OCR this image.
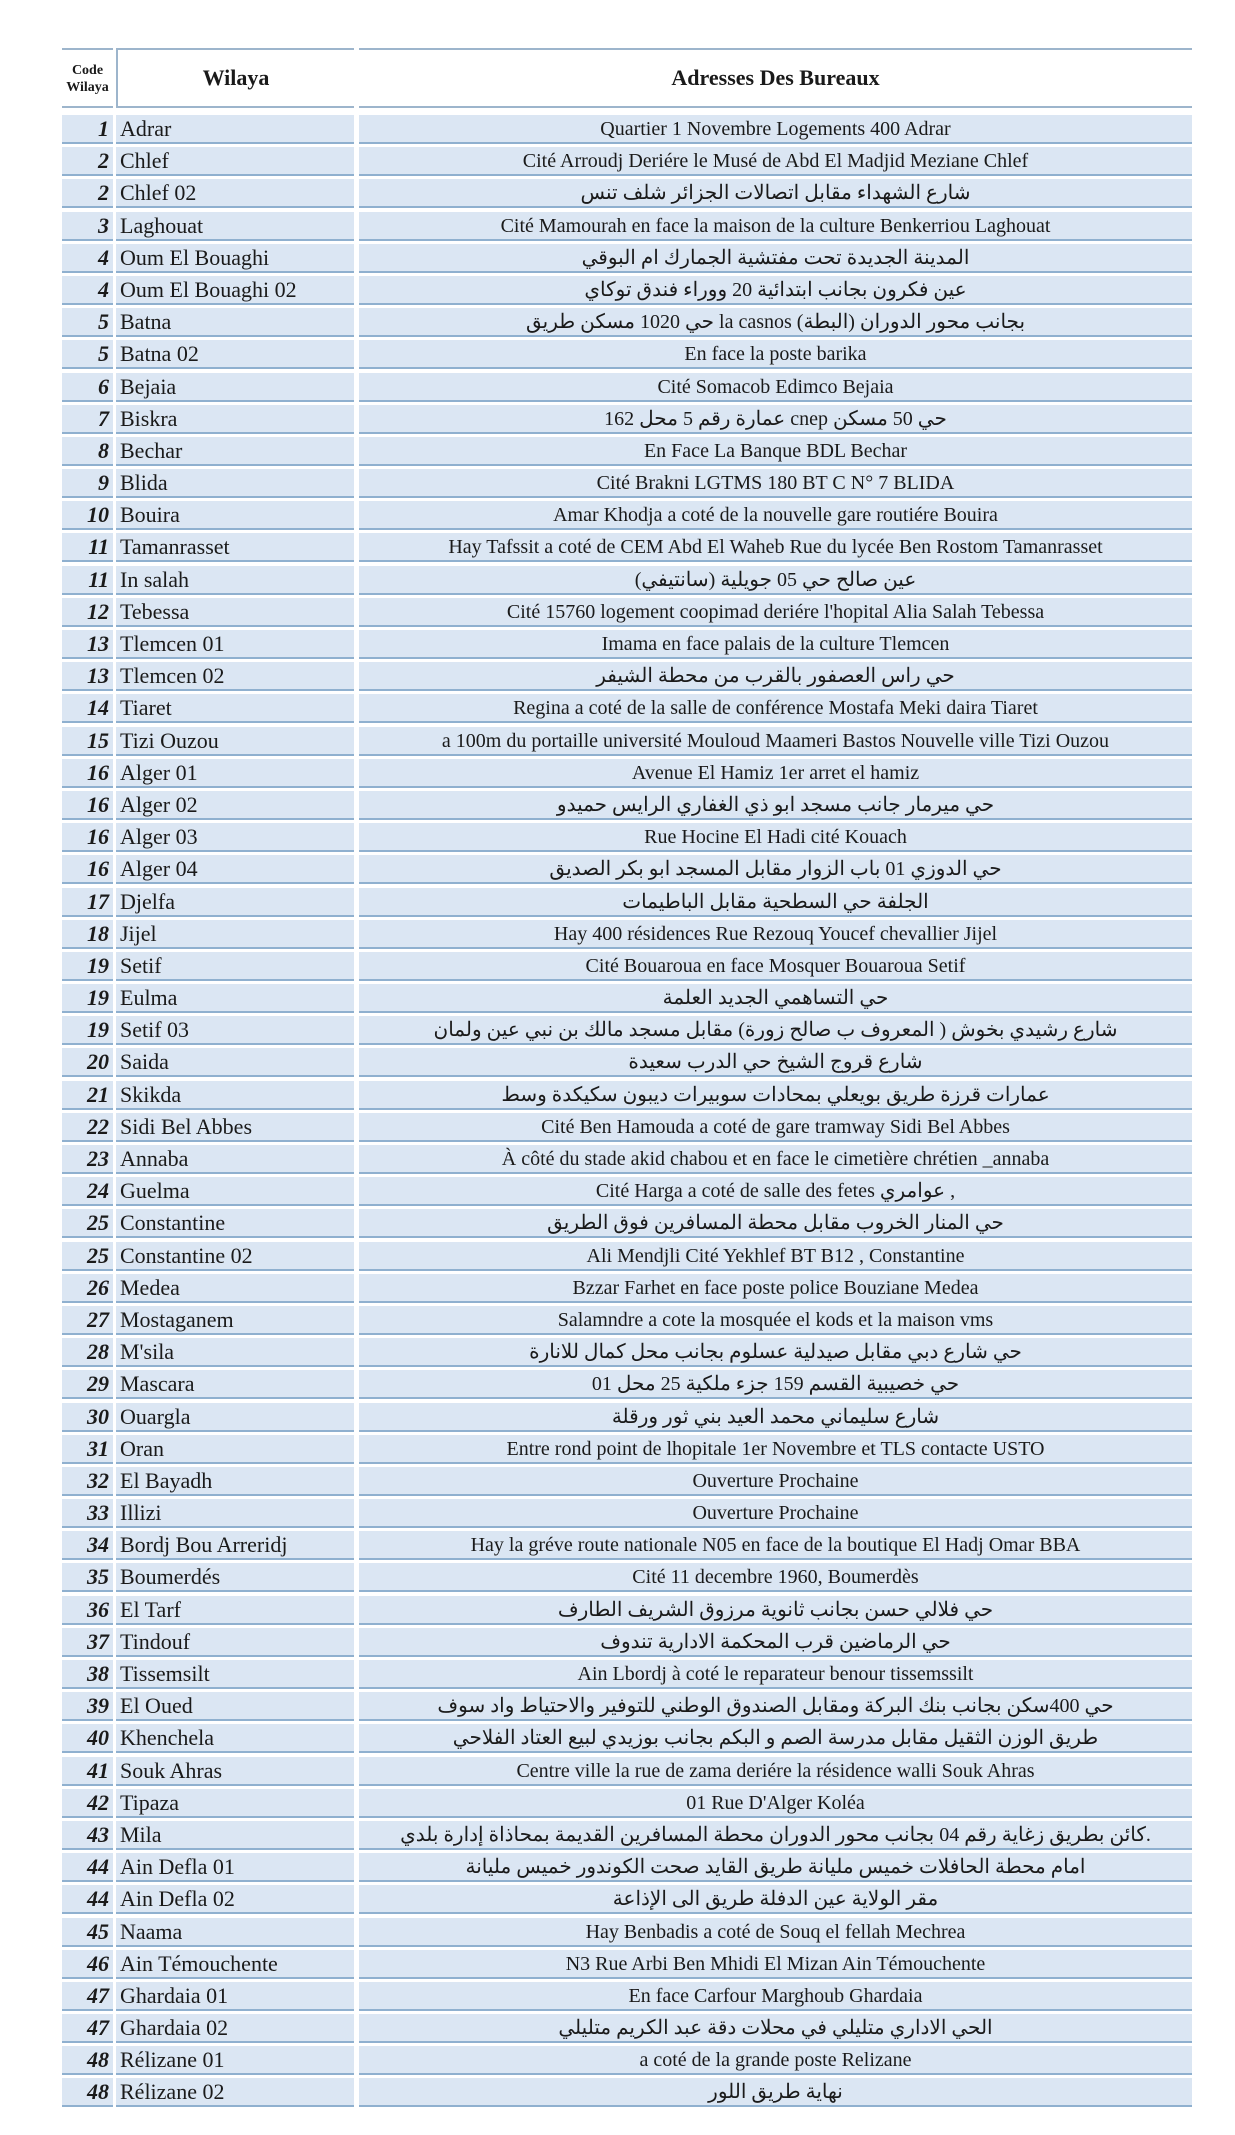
Code Wilaya	Wilaya	Adresses Des Bureaux
1 Adrar	Quartier 1 Novembre Logements 400 Adrar
2 Chlef	Cité Arroudj Deriére le Musé de Abd El Madjid Meziane Chlef
2 Chlef 02	شارع الشهداء مقابل اتصالات الجزائر شلف تنس
3 Laghouat	Cité Mamourah en face la maison de la culture Benkerriou Laghouat
4 Oum El Bouaghi	المدينة الجديدة تحت مفتشية الجمارك ام البوقي
4 Oum El Bouaghi 02	عين فكرون بجانب ابتدائية 20 ووراء فندق توكاي
5 Batna	حي 1020 مسكن طريق la casnos بجانب محور الدوران (البطة)
5 Batna 02	En face la poste barika
6 Bejaia	Cité Somacob Edimco Bejaia
7 Biskra	عمارة رقم 5 محل 162 cnep حي 50 مسكن
8 Bechar	En Face La Banque BDL Bechar
9 Blida	Cité Brakni LGTMS 180 BT C N° 7 BLIDA
10 Bouira	Amar Khodja a coté de la nouvelle gare routiére Bouira
11 Tamanrasset	Hay Tafssit a coté de CEM Abd El Waheb Rue du lycée Ben Rostom Tamanrasset
11 In salah	عين صالح حي 05 جويلية (سانتيفي)
12 Tebessa	Cité 15760 logement coopimad deriére l'hopital Alia Salah Tebessa
13 Tlemcen 01	Imama en face palais de la culture Tlemcen
13 Tlemcen 02	حي راس العصفور بالقرب من محطة الشيفر
14 Tiaret	Regina a coté de la salle de conférence Mostafa Meki daira Tiaret
15 Tizi Ouzou	a 100m du portaille université Mouloud Maameri Bastos Nouvelle ville Tizi Ouzou
16 Alger 01	Avenue El Hamiz 1er arret el hamiz
16 Alger 02	حي ميرمار جانب مسجد ابو ذي الغفاري الرايس حميدو
16 Alger 03	Rue Hocine El Hadi cité Kouach
16 Alger 04	حي الدوزي 01 باب الزوار مقابل المسجد ابو بكر الصديق
17 Djelfa	الجلفة حي السطحية مقابل الباطيمات
18 Jijel	Hay 400 résidences Rue Rezouq Youcef chevallier Jijel
19 Setif	Cité Bouaroua en face Mosquer Bouaroua Setif
19 Eulma	حي التساهمي الجديد العلمة
19 Setif 03	شارع رشيدي بخوش ( المعروف ب صالح زورة) مقابل مسجد مالك بن نبي عين ولمان
20 Saida	شارع قروج الشيخ حي الدرب سعيدة
21 Skikda	عمارات قرزة طريق بويعلي بمحادات سوبيرات ديبون سكيكدة وسط
22 Sidi Bel Abbes	Cité Ben Hamouda a coté de gare tramway Sidi Bel Abbes
23 Annaba	À côté du stade akid chabou et en face le cimetière chrétien _annaba
24 Guelma	Cité Harga a coté de salle des fetes عوامري ,
25 Constantine	حي المنار الخروب مقابل محطة المسافرين فوق الطريق
25 Constantine 02	Ali Mendjli Cité Yekhlef BT B12 , Constantine
26 Medea	Bzzar Farhet en face poste police Bouziane Medea
27 Mostaganem	Salamndre a cote la mosquée el kods et la maison vms
28 M'sila	حي شارع دبي مقابل صيدلية عسلوم بجانب محل كمال للانارة
29 Mascara	حي خصيبية القسم 159 جزء ملكية 25 محل 01
30 Ouargla	شارع سليماني محمد العيد بني ثور ورقلة
31 Oran	Entre rond point de lhopitale 1er Novembre et TLS contacte USTO
32 El Bayadh	Ouverture Prochaine
33 Illizi	Ouverture Prochaine
34 Bordj Bou Arreridj	Hay la gréve route nationale N05 en face de la boutique El Hadj Omar BBA
35 Boumerdés	Cité 11 decembre 1960, Boumerdès
36 El Tarf	حي فلالي حسن بجانب ثانوية مرزوق الشريف الطارف
37 Tindouf	حي الرماضين قرب المحكمة الادارية تندوف
38 Tissemsilt	Ain Lbordj à coté le reparateur benour tissemssilt
39 El Oued	حي 400سكن بجانب بنك البركة ومقابل الصندوق الوطني للتوفير والاحتياط واد سوف
40 Khenchela	طريق الوزن الثقيل مقابل مدرسة الصم و البكم بجانب بوزيدي لبيع العتاد الفلاحي
41 Souk Ahras	Centre ville la rue de zama deriére la résidence walli Souk Ahras
42 Tipaza	01 Rue D'Alger Koléa
43 Mila	كائن بطريق زغاية رقم 04 بجانب محور الدوران محطة المسافرين القديمة بمحاذاة إدارة بلدي.
44 Ain Defla 01	امام محطة الحافلات خميس مليانة طريق القايد صحت الكوندور خميس مليانة
44 Ain Defla 02	مقر الولاية عين الدفلة طريق الى الإذاعة
45 Naama	Hay Benbadis a coté de Souq el fellah Mechrea
46 Ain Témouchente	N3 Rue Arbi Ben Mhidi El Mizan Ain Témouchente
47 Ghardaia 01	En face Carfour Marghoub Ghardaia
47 Ghardaia 02	الحي الاداري متليلي في محلات دقة عبد الكريم متليلي
48 Rélizane 01	a coté de la grande poste Relizane
48 Rélizane 02	نهاية طريق اللور
